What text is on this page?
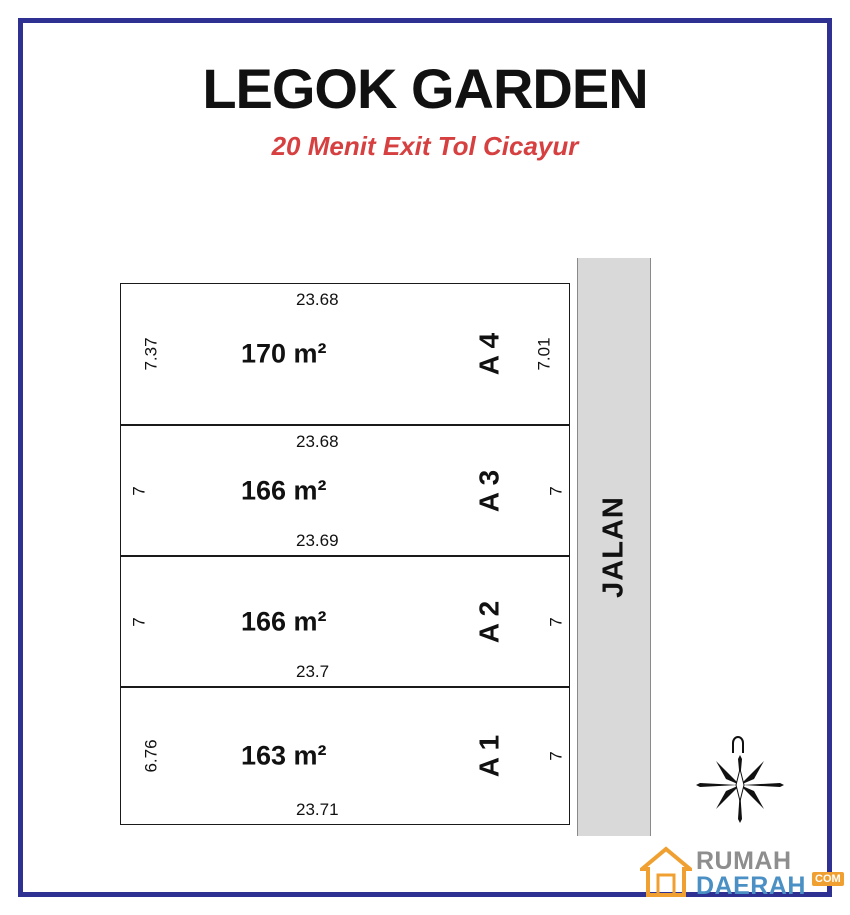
LEGOK GARDEN
20 Menit Exit Tol Cicayur
23.68
7.37	7.01
170 m²	A 4
23.68
23.69
7	7
166 m²	A 3
23.7
7	7
166 m²	A 2
23.71
6.76	7
163 m²	A 1
JALAN
RUMAH
DAERAH COM
